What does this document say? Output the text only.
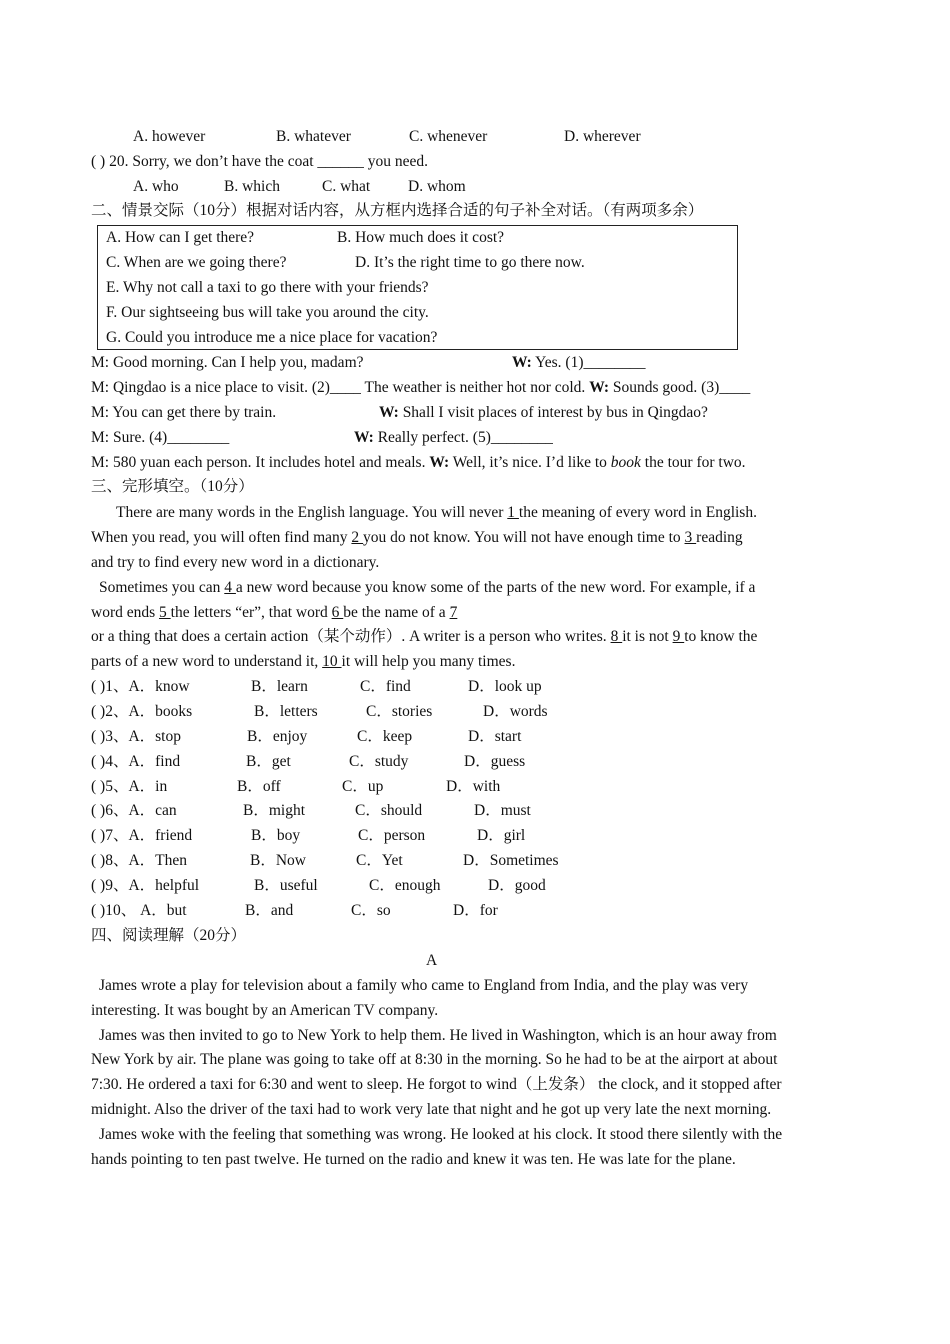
A. however	B. whatever	C. whenever	D. wherever
( ) 20. Sorry, we don’t have the coat ______ you need.
A. who	B. which	C. what D. whom
二、情景交际（10分）根据对话内容，从方框内选择合适的句子补全对话。（有两项多余）
A. How can I get there?	B. How much does it cost?
C. When are we going there?	D. It’s the right time to go there now.
E. Why not call a taxi to go there with your friends?
F. Our sightseeing bus will take you around the city.
G. Could you introduce me a nice place for vacation?
M: Good morning. Can I help you, madam?	W: Yes. (1)________
M: Qingdao is a nice place to visit. (2)____ The weather is neither hot nor cold. W: Sounds good. (3)____
M: You can get there by train.	W: Shall I visit places of interest by bus in Qingdao?
M: Sure. (4)________	W: Really perfect. (5)________
M: 580 yuan each person. It includes hotel and meals. W: Well, it’s nice. I’d like to book the tour for two.
三、完形填空。（10分）
There are many words in the English language. You will never 1 the meaning of every word in English.
When you read, you will often find many 2 you do not know. You will not have enough time to 3 reading
and try to find every new word in a dictionary.
Sometimes you can 4 a new word because you know some of the parts of the new word. For example, if a
word ends 5 the letters “er”, that word 6 be the name of a 7
or a thing that does a certain action（某个动作）. A writer is a person who writes. 8 it is not 9 to know the
parts of a new word to understand it, 10 it will help you many times.
( )1、A．know	B．learn	C．find	D．look up
( )2、A．books	B．letters	C．stories	D．words
( )3、A．stop	B．enjoy	C．keep	D．start
( )4、A．find	B．get	C．study	D．guess
( )5、A．in	B．off	C．up	D．with
( )6、A．can	B．might	C．should	D．must
( )7、A．friend	B．boy	C．person	D．girl
( )8、A．Then	B．Now	C．Yet	D．Sometimes
( )9、A．helpful	B．useful	C．enough	D．good
( )10、 A．but	B．and	C．so	D．for
四、阅读理解（20分）
A
James wrote a play for television about a family who came to England from India, and the play was very
interesting. It was bought by an American TV company.
James was then invited to go to New York to help them. He lived in Washington, which is an hour away from
New York by air. The plane was going to take off at 8:30 in the morning. So he had to be at the airport at about
7:30. He ordered a taxi for 6:30 and went to sleep. He forgot to wind（上发条） the clock, and it stopped after
midnight. Also the driver of the taxi had to work very late that night and he got up very late the next morning.
James woke with the feeling that something was wrong. He looked at his clock. It stood there silently with the
hands pointing to ten past twelve. He turned on the radio and knew it was ten. He was late for the plane.
